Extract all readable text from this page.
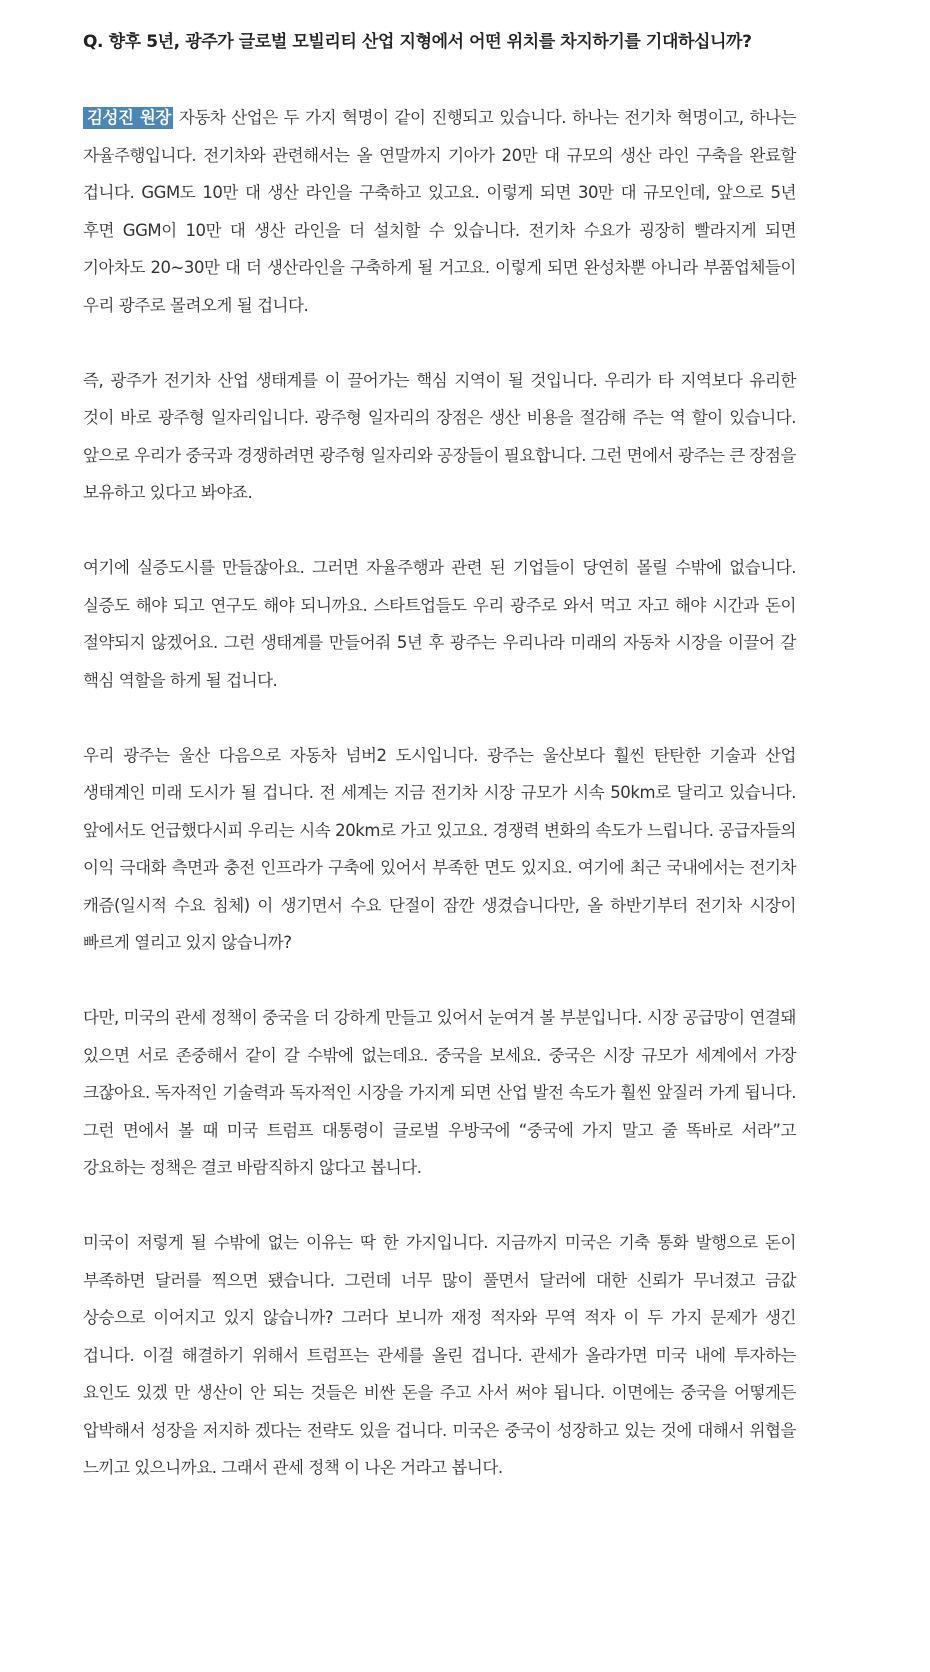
Q. 향후 5년, 광주가 글로벌 모빌리티 산업 지형에서 어떤 위치를 차지하기를 기대하십니까?

김성진 원장 자동차 산업은 두 가지 혁명이 같이 진행되고 있습니다. 하나는 전기차 혁명이고, 하나는 자율주행입니다. 전기차와 관련해서는 올 연말까지 기아가 20만 대 규모의 생산 라인 구축을 완료할 겁니다. GGM도 10만 대 생산 라인을 구축하고 있고요. 이렇게 되면 30만 대 규모인데, 앞으로 5년 후면 GGM이 10만 대 생산 라인을 더 설치할 수 있습니다. 전기차 수요가 굉장히 빨라지게 되면 기아차도 20~30만 대 더 생산라인을 구축하게 될 거고요. 이렇게 되면 완성차뿐 아니라 부품업체들이 우리 광주로 몰려오게 될 겁니다.

즉, 광주가 전기차 산업 생태계를 이 끌어가는 핵심 지역이 될 것입니다. 우리가 타 지역보다 유리한 것이 바로 광주형 일자리입니다. 광주형 일자리의 장점은 생산 비용을 절감해 주는 역 할이 있습니다. 앞으로 우리가 중국과 경쟁하려면 광주형 일자리와 공장들이 필요합니다. 그런 면에서 광주는 큰 장점을 보유하고 있다고 봐야죠.

여기에 실증도시를 만들잖아요. 그러면 자율주행과 관련 된 기업들이 당연히 몰릴 수밖에 없습니다. 실증도 해야 되고 연구도 해야 되니까요. 스타트업들도 우리 광주로 와서 먹고 자고 해야 시간과 돈이 절약되지 않겠어요. 그런 생태계를 만들어줘 5년 후 광주는 우리나라 미래의 자동차 시장을 이끌어 갈 핵심 역할을 하게 될 겁니다.

우리 광주는 울산 다음으로 자동차 넘버2 도시입니다. 광주는 울산보다 훨씬 탄탄한 기술과 산업 생태계인 미래 도시가 될 겁니다. 전 세계는 지금 전기차 시장 규모가 시속 50km로 달리고 있습니다. 앞에서도 언급했다시피 우리는 시속 20km로 가고 있고요. 경쟁력 변화의 속도가 느립니다. 공급자들의 이익 극대화 측면과 충전 인프라가 구축에 있어서 부족한 면도 있지요. 여기에 최근 국내에서는 전기차 캐즘(일시적 수요 침체) 이 생기면서 수요 단절이 잠깐 생겼습니다만, 올 하반기부터 전기차 시장이 빠르게 열리고 있지 않습니까?

다만, 미국의 관세 정책이 중국을 더 강하게 만들고 있어서 눈여겨 볼 부분입니다. 시장 공급망이 연결돼 있으면 서로 존중해서 같이 갈 수밖에 없는데요. 중국을 보세요. 중국은 시장 규모가 세계에서 가장 크잖아요. 독자적인 기술력과 독자적인 시장을 가지게 되면 산업 발전 속도가 훨씬 앞질러 가게 됩니다. 그런 면에서 볼 때 미국 트럼프 대통령이 글로벌 우방국에 “중국에 가지 말고 줄 똑바로 서라”고 강요하는 정책은 결코 바람직하지 않다고 봅니다.

미국이 저렇게 될 수밖에 없는 이유는 딱 한 가지입니다. 지금까지 미국은 기축 통화 발행으로 돈이 부족하면 달러를 찍으면 됐습니다. 그런데 너무 많이 풀면서 달러에 대한 신뢰가 무너졌고 금값 상승으로 이어지고 있지 않습니까? 그러다 보니까 재정 적자와 무역 적자 이 두 가지 문제가 생긴 겁니다. 이걸 해결하기 위해서 트럼프는 관세를 올린 겁니다. 관세가 올라가면 미국 내에 투자하는 요인도 있겠 만 생산이 안 되는 것들은 비싼 돈을 주고 사서 써야 됩니다. 이면에는 중국을 어떻게든 압박해서 성장을 저지하 겠다는 전략도 있을 겁니다. 미국은 중국이 성장하고 있는 것에 대해서 위협을 느끼고 있으니까요. 그래서 관세 정책 이 나온 거라고 봅니다.
